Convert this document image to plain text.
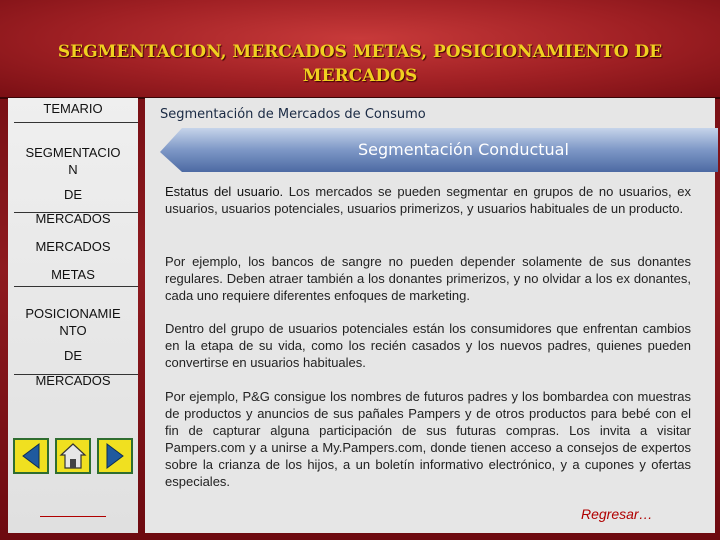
SEGMENTACION, MERCADOS METAS, POSICIONAMIENTO DE MERCADOS
TEMARIO
SEGMENTACIO
N
DE
MERCADOS
MERCADOS
METAS
POSICIONAMIE
NTO
DE
MERCADOS
Segmentación de Mercados de Consumo
Segmentación Conductual
Estatus del usuario. Los mercados se pueden segmentar en grupos de no usuarios, ex usuarios, usuarios potenciales, usuarios primerizos, y usuarios habituales de un producto.
Por ejemplo, los bancos de sangre no pueden depender solamente de sus donantes regulares. Deben atraer también a los donantes primerizos, y no olvidar a los ex donantes, cada uno requiere diferentes enfoques de marketing.
Dentro del grupo de usuarios potenciales están los consumidores que enfrentan cambios en la etapa de su vida, como los recién casados y los nuevos padres, quienes pueden convertirse en usuarios habituales.
Por ejemplo, P&G consigue los nombres de futuros padres y los bombardea con muestras de productos y anuncios de sus pañales Pampers y de otros productos para bebé con el fin de capturar alguna participación de sus futuras compras. Los invita a visitar Pampers.com y a unirse a My.Pampers.com, donde tienen acceso a consejos de expertos sobre la crianza de los hijos, a un boletín informativo electrónico, y a cupones y ofertas especiales.
Regresar…
